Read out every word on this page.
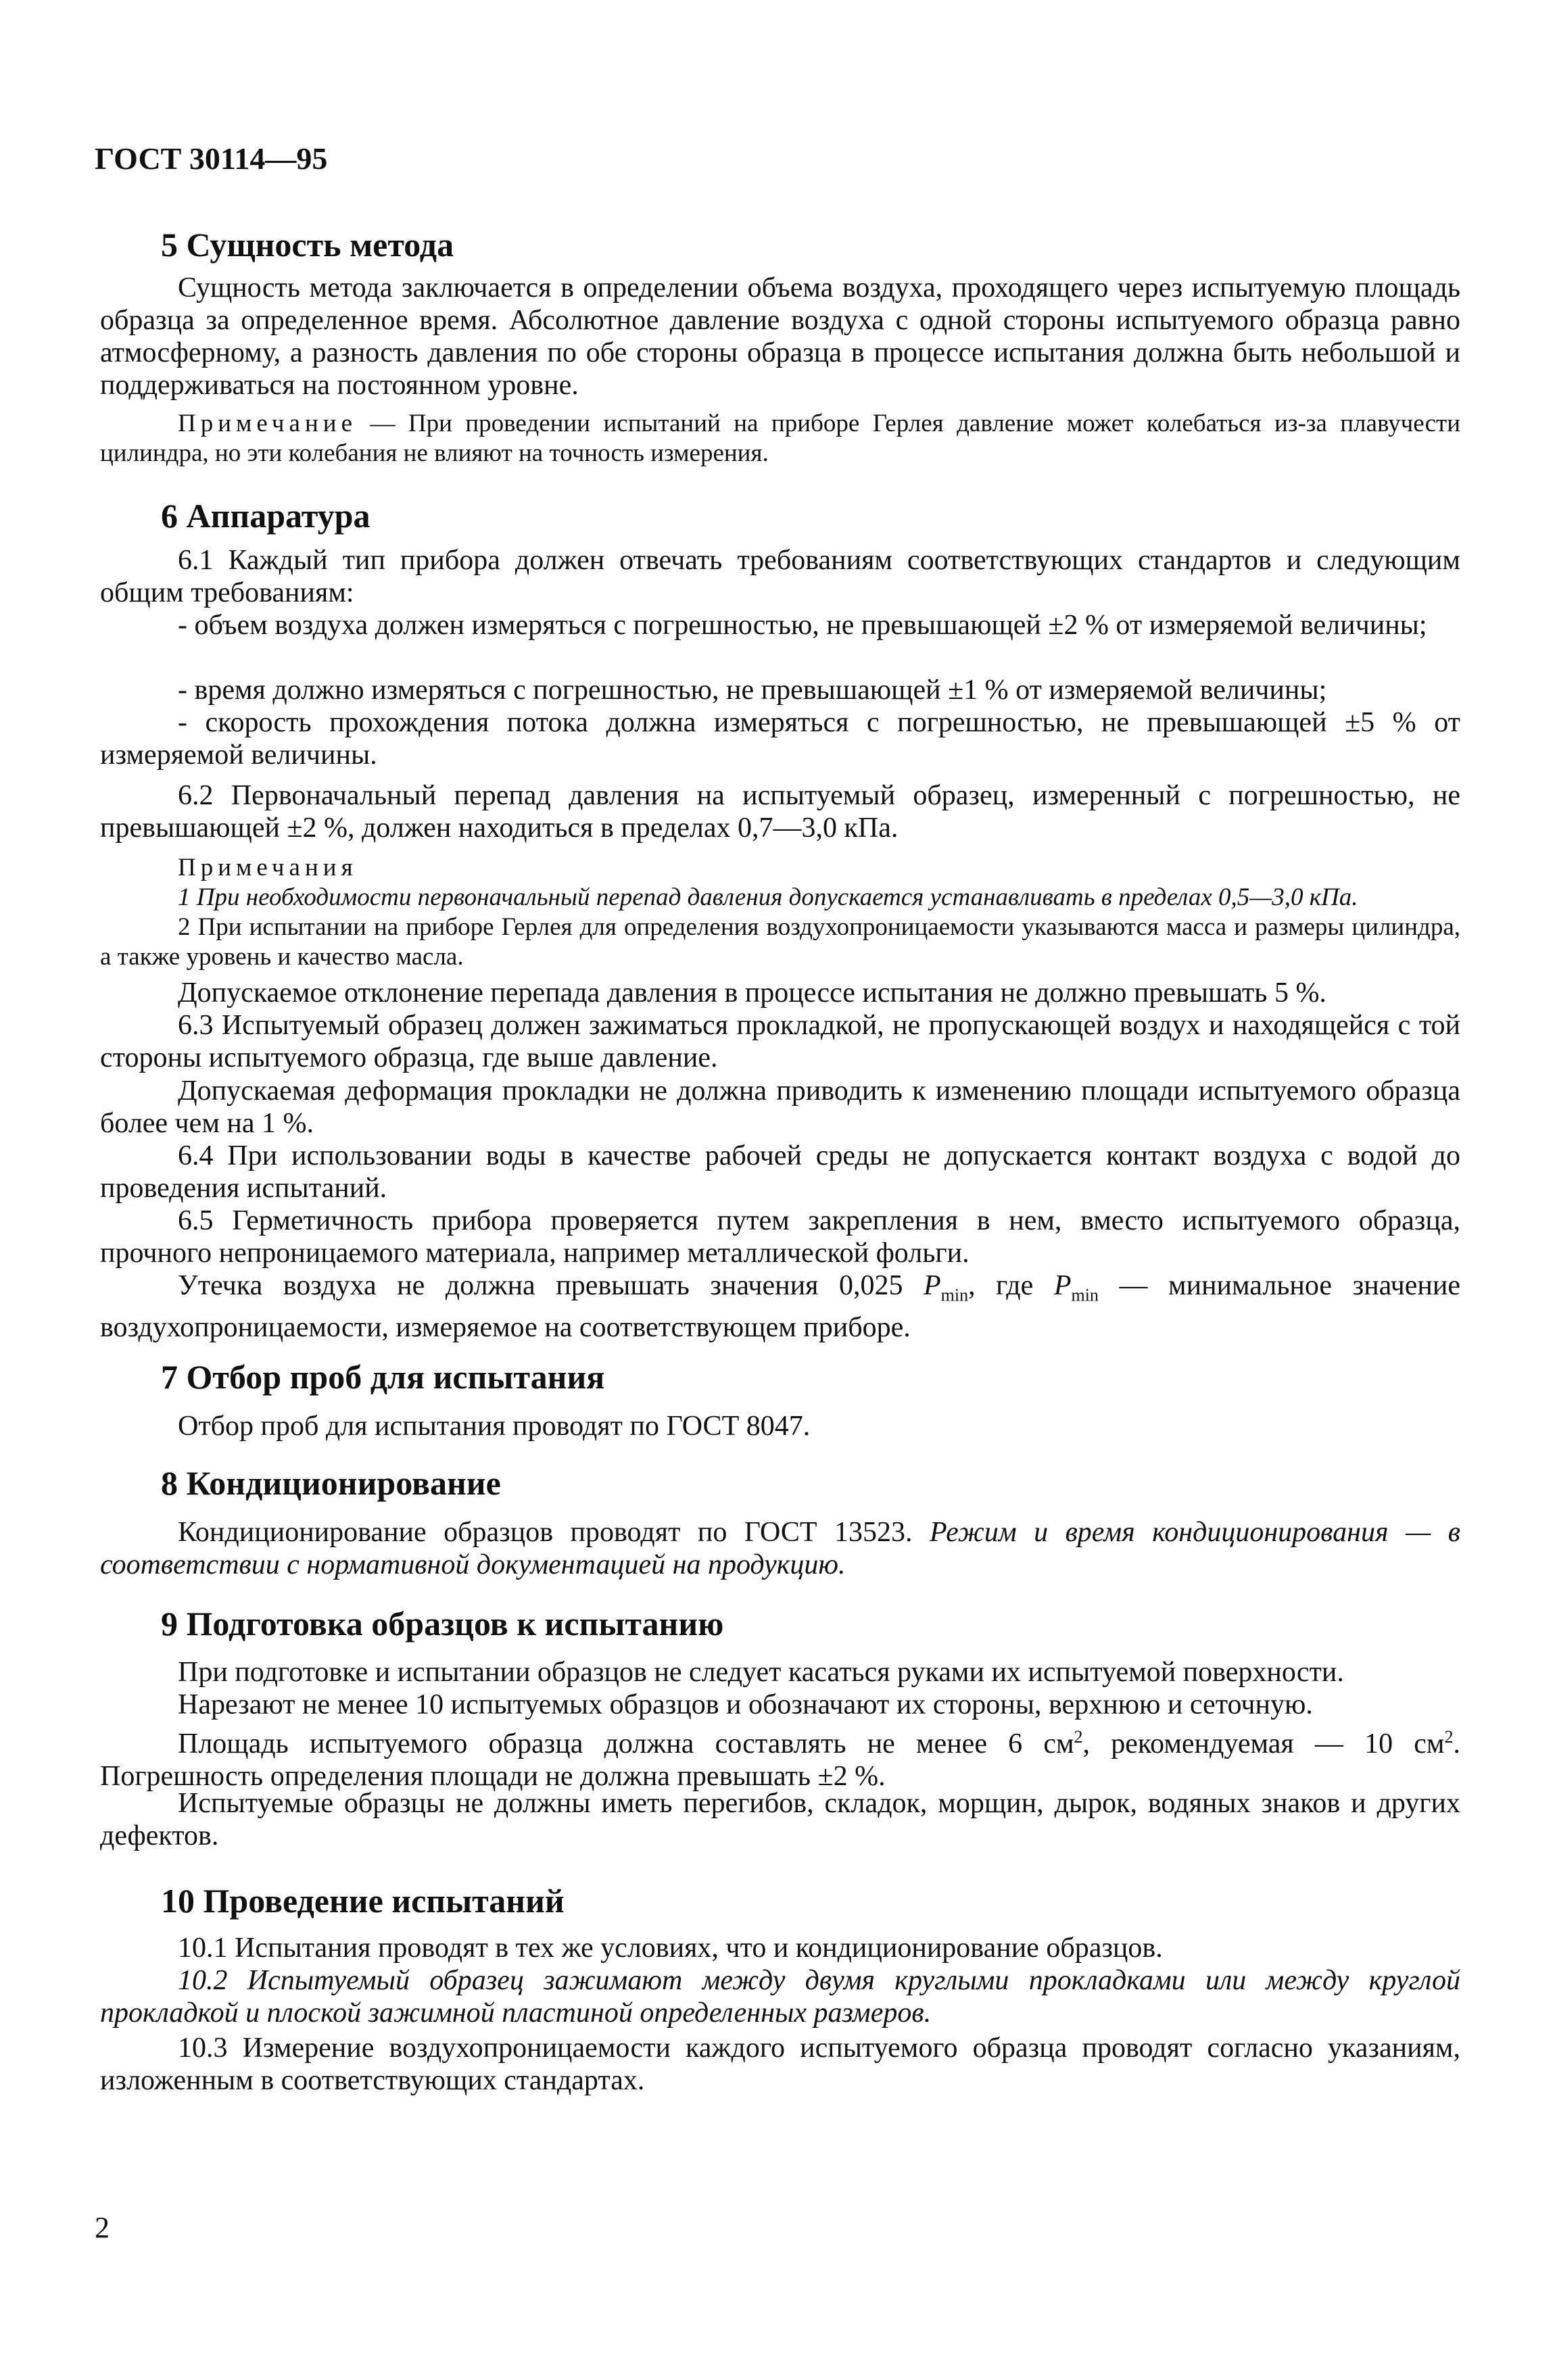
ГОСТ 30114—95
5 Сущность метода

Сущность метода заключается в определении объема воздуха, проходящего через испытуемую площадь образца за определенное время. Абсолютное давление воздуха с одной стороны испытуемого образца равно атмосферному, а разность давления по обе стороны образца в процессе испытания должна быть небольшой и поддерживаться на постоянном уровне.

Примечание — При проведении испытаний на приборе Герлея давление может колебаться из-за плавучести цилиндра, но эти колебания не влияют на точность измерения.

6 Аппаратура

6.1 Каждый тип прибора должен отвечать требованиям соответствующих стандартов и следующим общим требованиям:

- объем воздуха должен измеряться с погрешностью, не превышающей ±2 % от измеряемой величины;

- время должно измеряться с погрешностью, не превышающей ±1 % от измеряемой величины;

- скорость прохождения потока должна измеряться с погрешностью, не превышающей ±5 % от измеряемой величины.

6.2 Первоначальный перепад давления на испытуемый образец, измеренный с погрешностью, не превышающей ±2 %, должен находиться в пределах 0,7—3,0 кПа.

Примечания

1 При необходимости первоначальный перепад давления допускается устанавливать в пределах 0,5—3,0 кПа.

2 При испытании на приборе Герлея для определения воздухопроницаемости указываются масса и размеры цилиндра, а также уровень и качество масла.

Допускаемое отклонение перепада давления в процессе испытания не должно превышать 5 %.

6.3 Испытуемый образец должен зажиматься прокладкой, не пропускающей воздух и находящейся с той стороны испытуемого образца, где выше давление.

Допускаемая деформация прокладки не должна приводить к изменению площади испытуемого образца более чем на 1 %.

6.4 При использовании воды в качестве рабочей среды не допускается контакт воздуха с водой до проведения испытаний.

6.5 Герметичность прибора проверяется путем закрепления в нем, вместо испытуемого образца, прочного непроницаемого материала, например металлической фольги.

Утечка воздуха не должна превышать значения 0,025 $P_{min}$, где $P_{min}$ — минимальное значение воздухопроницаемости, измеряемое на соответствующем приборе.

7 Отбор проб для испытания

Отбор проб для испытания проводят по ГОСТ 8047.

8 Кондиционирование

Кондиционирование образцов проводят по ГОСТ 13523. Режим и время кондиционирования — в соответствии с нормативной документацией на продукцию.

9 Подготовка образцов к испытанию

При подготовке и испытании образцов не следует касаться руками их испытуемой поверхности.

Нарезают не менее 10 испытуемых образцов и обозначают их стороны, верхнюю и сеточную.

Площадь испытуемого образца должна составлять не менее 6 $см^2$, рекомендуемая — 10 $см^2$. Погрешность определения площади не должна превышать ±2 %.

Испытуемые образцы не должны иметь перегибов, складок, морщин, дырок, водяных знаков и других дефектов.

10 Проведение испытаний

10.1 Испытания проводят в тех же условиях, что и кондиционирование образцов.

10.2 Испытуемый образец зажимают между двумя круглыми прокладками или между круглой прокладкой и плоской зажимной пластиной определенных размеров.

10.3 Измерение воздухопроницаемости каждого испытуемого образца проводят согласно указаниям, изложенным в соответствующих стандартах.

2
